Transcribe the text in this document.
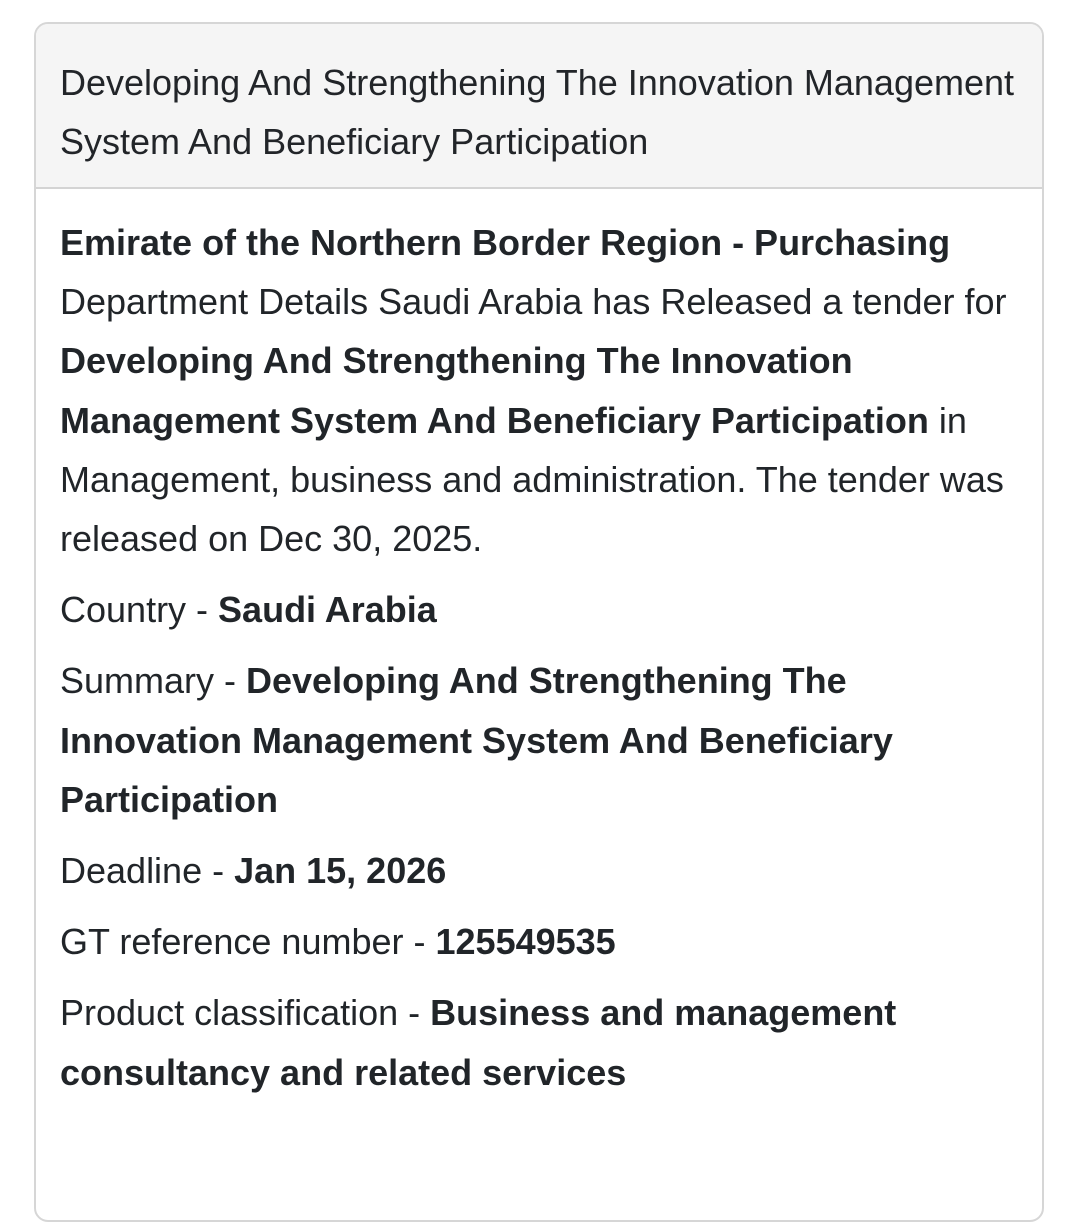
Developing And Strengthening The Innovation Management System And Beneficiary Participation

Emirate of the Northern Border Region - Purchasing Department Details Saudi Arabia has Released a tender for Developing And Strengthening The Innovation Management System And Beneficiary Participation in Management, business and administration. The tender was released on Dec 30, 2025.

Country - Saudi Arabia
Summary - Developing And Strengthening The Innovation Management System And Beneficiary Participation
Deadline - Jan 15, 2026
GT reference number - 125549535
Product classification - Business and management consultancy and related services
